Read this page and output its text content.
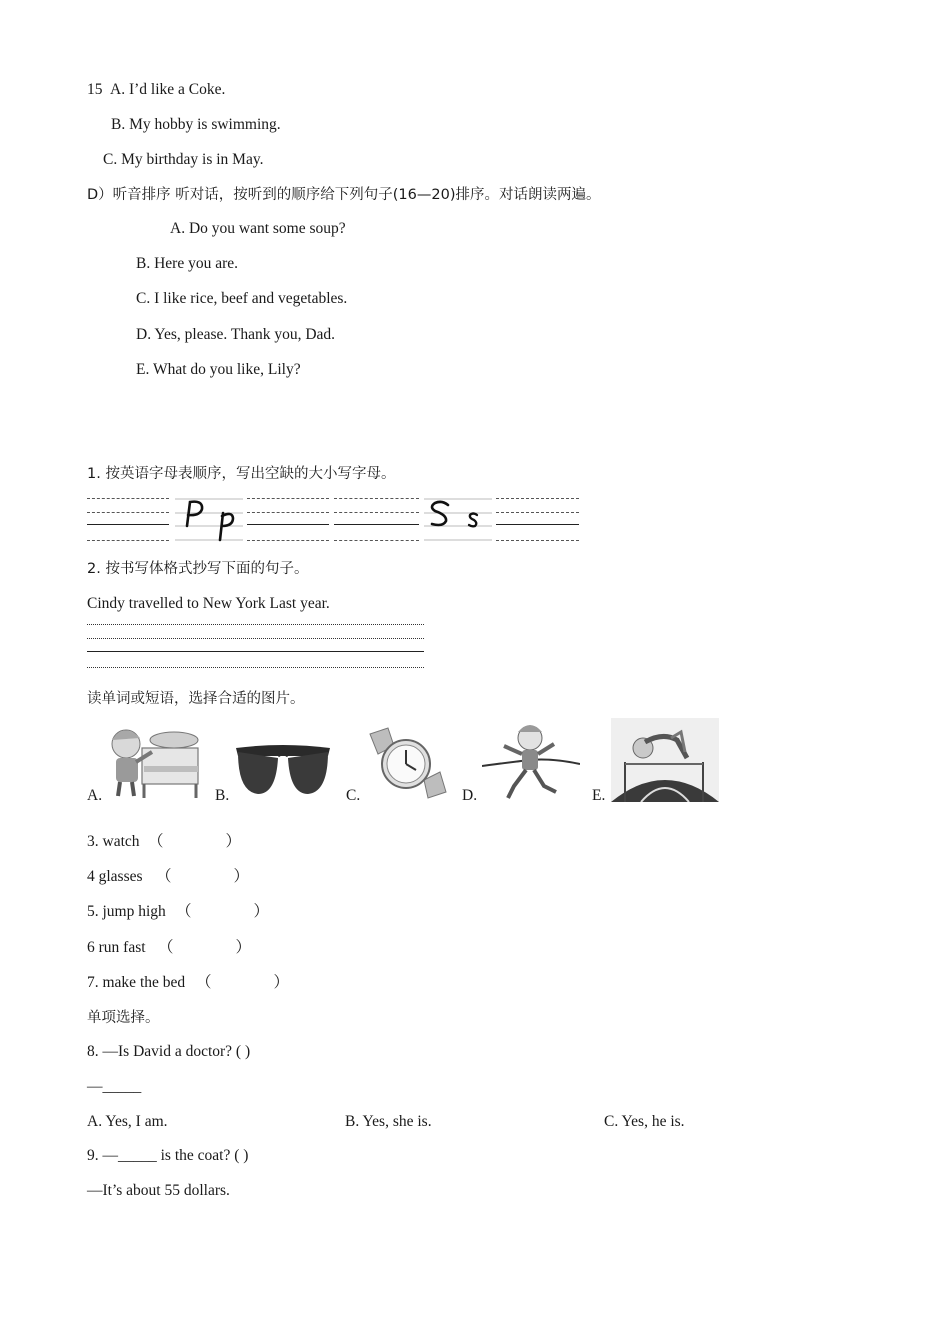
15 A. I’d like a Coke.
B. My hobby is swimming.
C. My birthday is in May.
D）听音排序 听对话，按听到的顺序给下列句子(16—20)排序。对话朗读两遍。
A. Do you want some soup?
B. Here you are.
C. I like rice, beef and vegetables.
D. Yes, please. Thank you, Dad.
E. What do you like, Lily?
1. 按英语字母表顺序，写出空缺的大小写字母。
2. 按书写体格式抄写下面的句子。
Cindy travelled to New York Last year.
读单词或短语，选择合适的图片。
A.	B.	C.	D.	E.
3. watch （　　　　）
4 glasses （　　　　）
5. jump high （　　　　）
6 run fast （　　　　）
7. make the bed （　　　　）
单项选择。
8. —Is David a doctor? ( )
—_____
A. Yes, I am.	B. Yes, she is.	C. Yes, he is.
9. —_____ is the coat? ( )
—It’s about 55 dollars.
